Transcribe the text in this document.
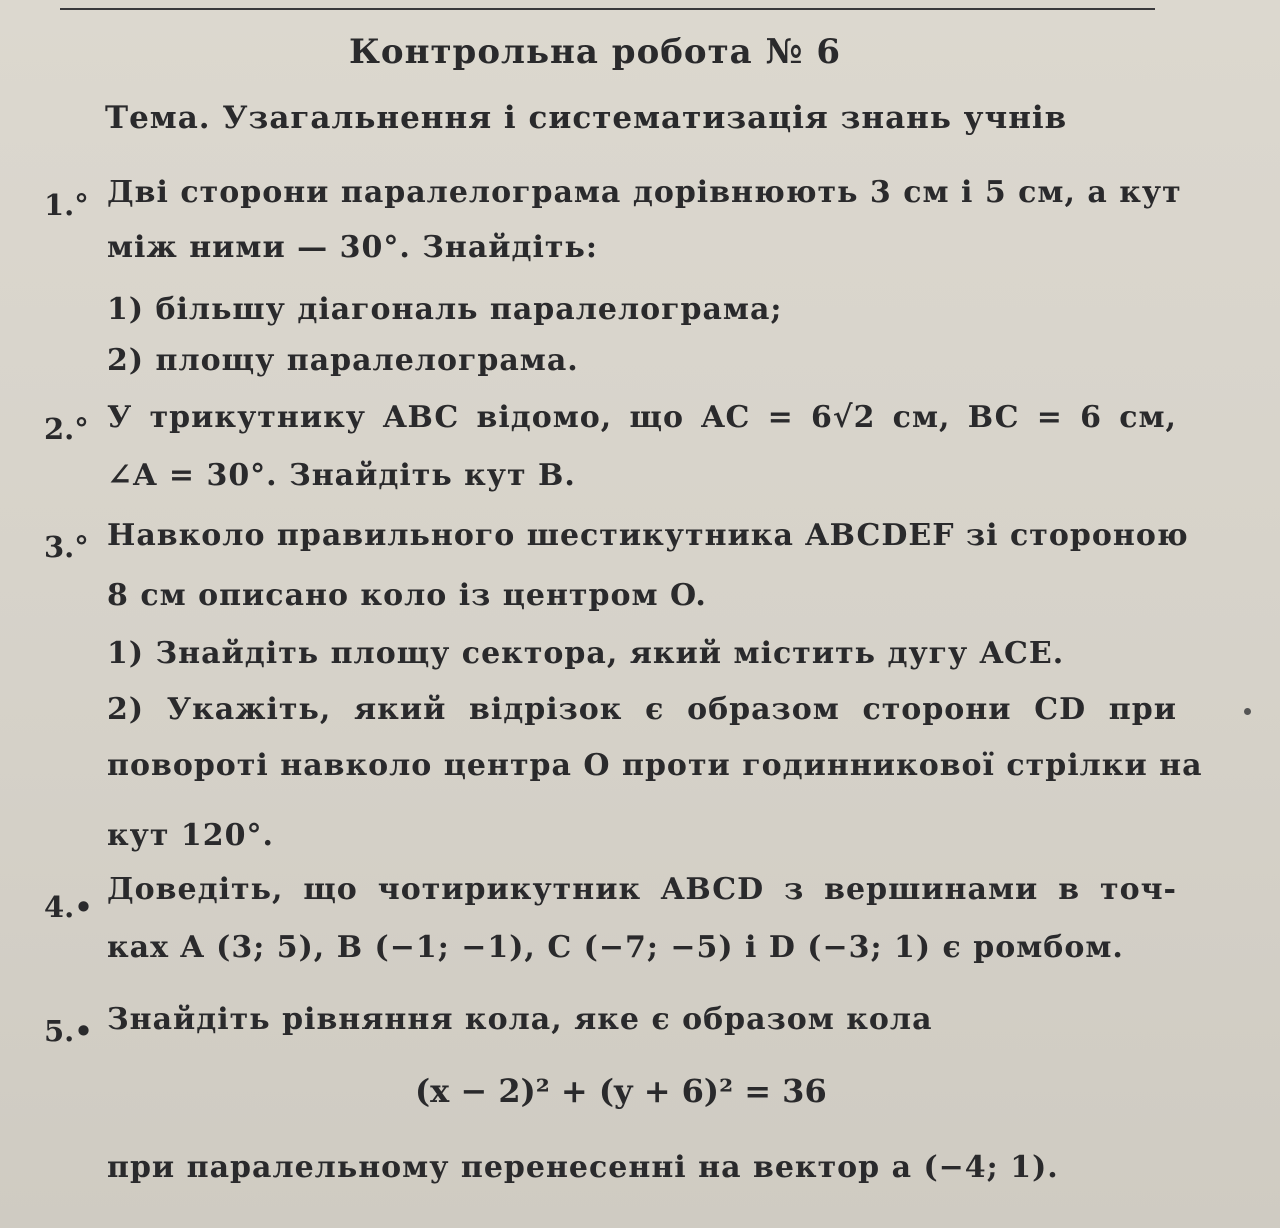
Контрольна робота № 6
Тема. Узагальнення і систематизація знань учнів
1.° Дві сторони паралелограма дорівнюють 3 см і 5 см, а кут
між ними — 30°. Знайдіть:
1) більшу діагональ паралелограма;
2) площу паралелограма.
2.° У трикутнику ABC відомо, що AC = 6√2 см, BC = 6 см,
∠A = 30°. Знайдіть кут B.
3.° Навколо правильного шестикутника ABCDEF зі стороною
8 см описано коло із центром O.
1) Знайдіть площу сектора, який містить дугу ACE.
2) Укажіть, який відрізок є образом сторони CD при
повороті навколо центра O проти годинникової стрілки на
кут 120°.
4.• Доведіть, що чотирикутник ABCD з вершинами в точ-
ках A (3; 5), B (−1; −1), C (−7; −5) і D (−3; 1) є ромбом.
5.• Знайдіть рівняння кола, яке є образом кола
(x − 2)² + (y + 6)² = 36
при паралельному перенесенні на вектор a (−4; 1).
